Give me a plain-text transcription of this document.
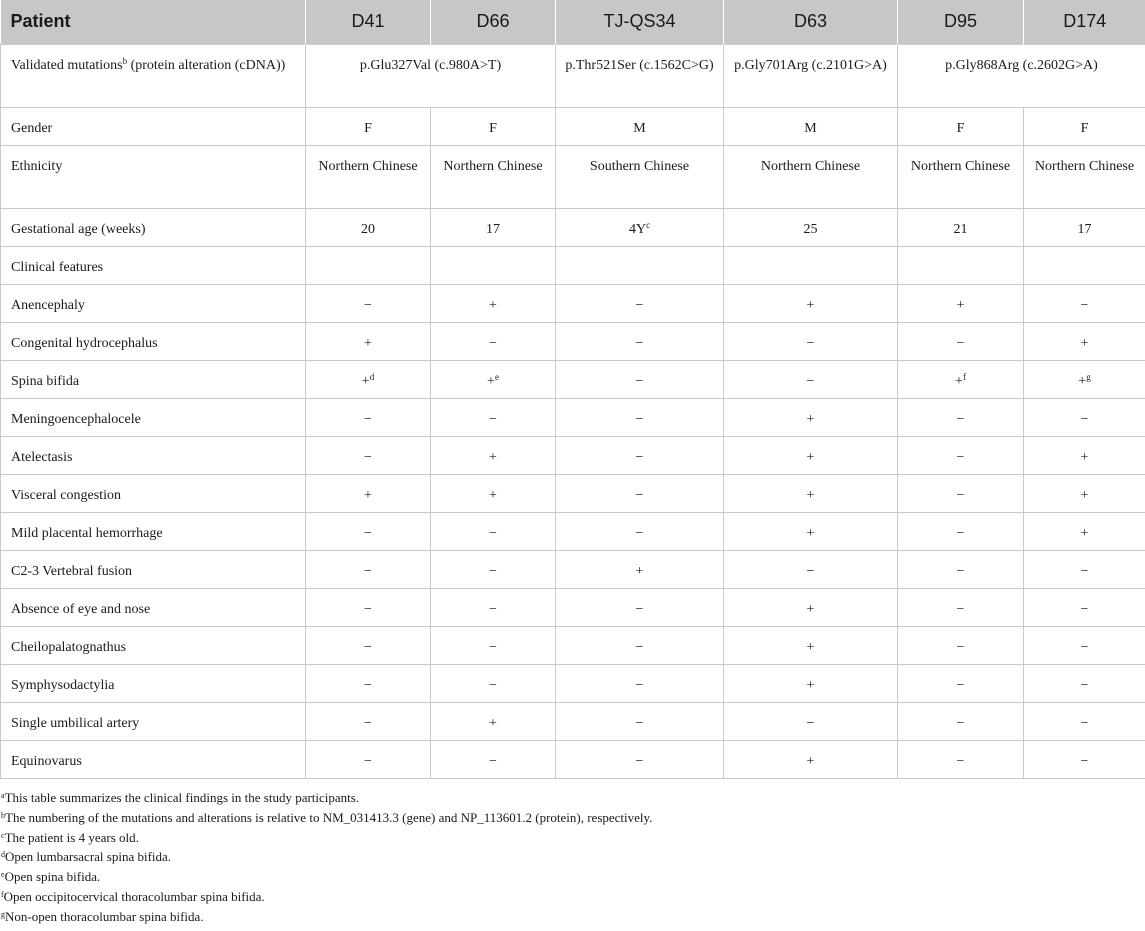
Patient	D41	D66	TJ-QS34	D63	D95	D174
Validated mutations$^b$ (protein alteration (cDNA))	p.Glu327Val (c.980A>T)		p.Thr521Ser (c.1562C>G)	p.Gly701Arg (c.2101G>A)	p.Gly868Arg (c.2602G>A)	
Gender	F	F	M	M	F	F
Ethnicity	Northern Chinese	Northern Chinese	Southern Chinese	Northern Chinese	Northern Chinese	Northern Chinese
Gestational age (weeks)	20	17	$4Y^c$	25	21	17
Clinical features						
Anencephaly	−	+	−	+	+	−
Congenital hydrocephalus	+	−	−	−	−	+
Spina bifida	+$^d$	+$^e$	−	−	+$^f$	+$^g$
Meningoencephalocele	−	−	−	+	−	−
Atelectasis	−	+	−	+	−	+
Visceral congestion	+	+	−	+	−	+
Mild placental hemorrhage	−	−	−	+	−	+
C2-3 Vertebral fusion	−	−	+	−	−	−
Absence of eye and nose	−	−	−	+	−	−
Cheilopalatognathus	−	−	−	+	−	−
Symphysodactylia	−	−	−	+	−	−
Single umbilical artery	−	+	−	−	−	−
Equinovarus	−	−	−	+	−	−
$^a$This table summarizes the clinical findings in the study participants.
$^b$The numbering of the mutations and alterations is relative to NM_031413.3 (gene) and NP_113601.2 (protein), respectively.
$^c$The patient is 4 years old.
$^d$Open lumbarsacral spina bifida.
$^e$Open spina bifida.
$^f$Open occipitocervical thoracolumbar spina bifida.
$^g$Non-open thoracolumbar spina bifida.
